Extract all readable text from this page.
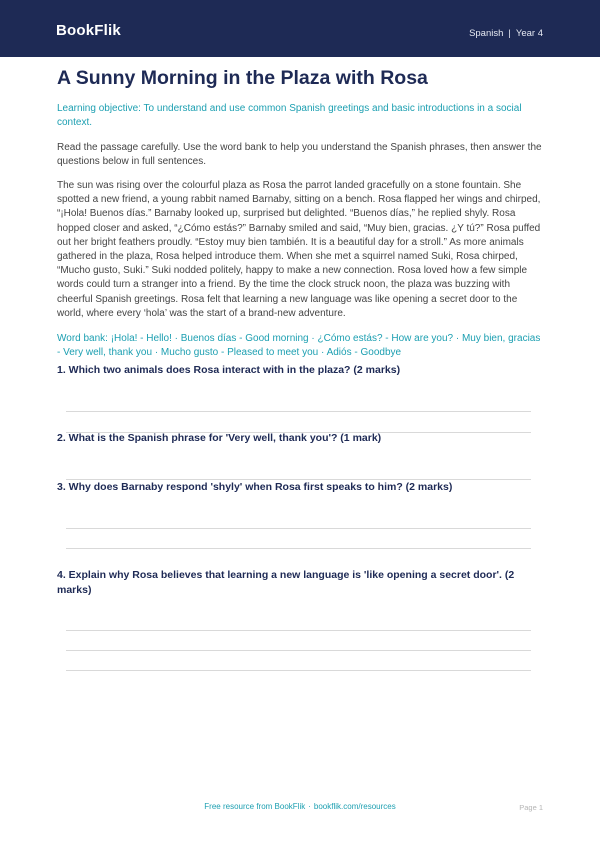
BookFlik	Spanish | Year 4
A Sunny Morning in the Plaza with Rosa

Learning objective: To understand and use common Spanish greetings and basic introductions in a social context.

Read the passage carefully. Use the word bank to help you understand the Spanish phrases, then answer the questions below in full sentences.

The sun was rising over the colourful plaza as Rosa the parrot landed gracefully on a stone fountain. She spotted a new friend, a young rabbit named Barnaby, sitting on a bench. Rosa flapped her wings and chirped, “¡Hola! Buenos días.” Barnaby looked up, surprised but delighted. “Buenos días,” he replied shyly. Rosa hopped closer and asked, “¿Cómo estás?” Barnaby smiled and said, “Muy bien, gracias. ¿Y tú?” Rosa puffed out her bright feathers proudly. “Estoy muy bien también. It is a beautiful day for a stroll.” As more animals gathered in the plaza, Rosa helped introduce them. When she met a squirrel named Suki, Rosa chirped, “Mucho gusto, Suki.” Suki nodded politely, happy to make a new connection. Rosa loved how a few simple words could turn a stranger into a friend. By the time the clock struck noon, the plaza was buzzing with cheerful Spanish greetings. Rosa felt that learning a new language was like opening a secret door to the world, where every ‘hola’ was the start of a brand-new adventure.

Word bank: ¡Hola! - Hello! · Buenos días - Good morning · ¿Cómo estás? - How are you? · Muy bien, gracias - Very well, thank you · Mucho gusto - Pleased to meet you · Adiós - Goodbye

1. Which two animals does Rosa interact with in the plaza? (2 marks)
2. What is the Spanish phrase for 'Very well, thank you'? (1 mark)
3. Why does Barnaby respond 'shyly' when Rosa first speaks to him? (2 marks)
4. Explain why Rosa believes that learning a new language is 'like opening a secret door'. (2 marks)
Free resource from BookFlik · bookflik.com/resources	Page 1
